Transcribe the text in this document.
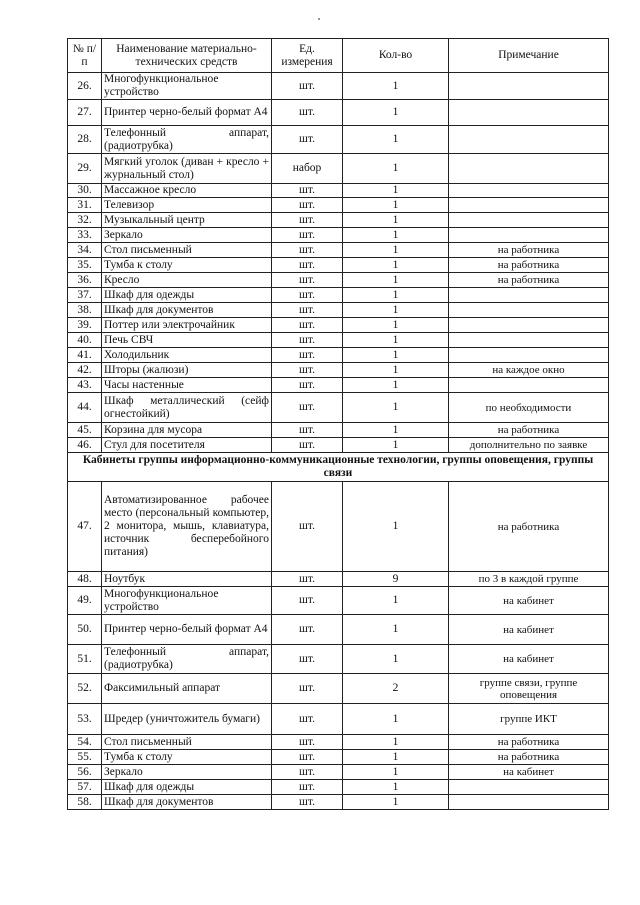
№ п/п	Наименование материально-технических средств	Ед. измерения	Кол-во	Примечание
26.	Многофункциональное устройство	шт.	1	
27.	Принтер черно-белый формат А4	шт.	1	
28.	Телефонный аппарат, (радиотрубка)	шт.	1	
29.	Мягкий уголок (диван + кресло + журнальный стол)	набор	1	
30.	Массажное кресло	шт.	1	
31.	Телевизор	шт.	1	
32.	Музыкальный центр	шт.	1	
33.	Зеркало	шт.	1	
34.	Стол письменный	шт.	1	на работника
35.	Тумба к столу	шт.	1	на работника
36.	Кресло	шт.	1	на работника
37.	Шкаф для одежды	шт.	1	
38.	Шкаф для документов	шт.	1	
39.	Поттер или электрочайник	шт.	1	
40.	Печь СВЧ	шт.	1	
41.	Холодильник	шт.	1	
42.	Шторы (жалюзи)	шт.	1	на каждое окно
43.	Часы настенные	шт.	1	
44.	Шкаф металлический (сейф огнестойкий)	шт.	1	по необходимости
45.	Корзина для мусора	шт.	1	на работника
46.	Стул для посетителя	шт.	1	дополнительно по заявке
Кабинеты группы информационно-коммуникационные технологии, группы оповещения, группы связи				
47.	Автоматизированное рабочее место (персональный компьютер, 2 монитора, мышь, клавиатура, источник бесперебойного питания)	шт.	1	на работника
48.	Ноутбук	шт.	9	по 3 в каждой группе
49.	Многофункциональное устройство	шт.	1	на кабинет
50.	Принтер черно-белый формат А4	шт.	1	на кабинет
51.	Телефонный аппарат, (радиотрубка)	шт.	1	на кабинет
52.	Факсимильный аппарат	шт.	2	группе связи, группе оповещения
53.	Шредер (уничтожитель бумаги)	шт.	1	группе ИКТ
54.	Стол письменный	шт.	1	на работника
55.	Тумба к столу	шт.	1	на работника
56.	Зеркало	шт.	1	на кабинет
57.	Шкаф для одежды	шт.	1	
58.	Шкаф для документов	шт.	1	
